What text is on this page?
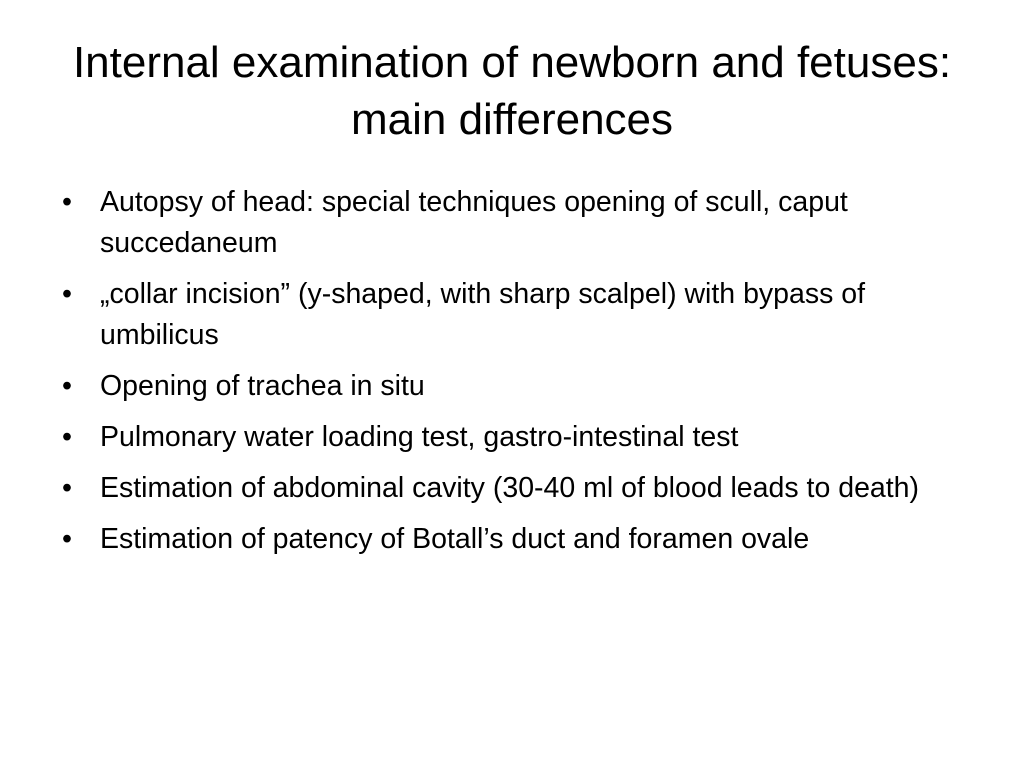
Internal examination of newborn and fetuses: main differences
• Autopsy of head: special techniques opening of scull, caput succedaneum
• „collar incision” (y-shaped, with sharp scalpel) with bypass of umbilicus
• Opening of trachea in situ
• Pulmonary water loading test, gastro-intestinal test
• Estimation of abdominal cavity (30-40 ml of blood leads to death)
• Estimation of patency of Botall’s duct and foramen ovale
